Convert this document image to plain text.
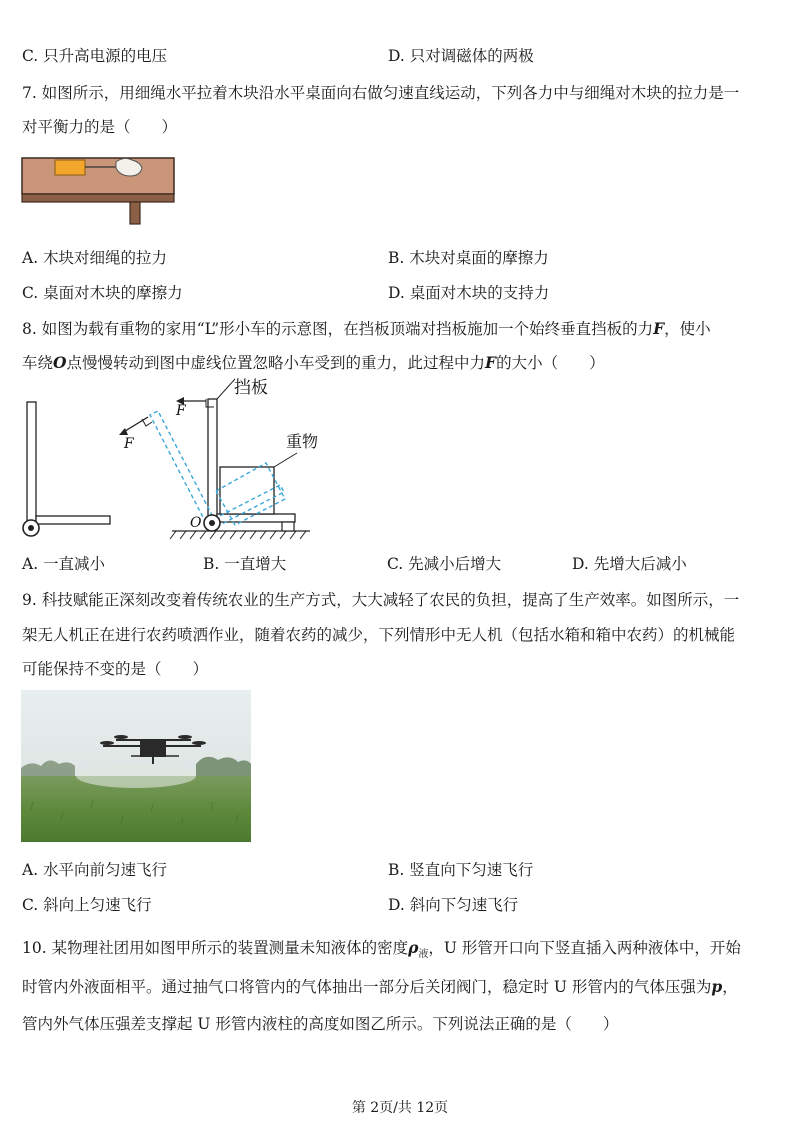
C. 只升高电源的电压	D. 只对调磁体的两极
7. 如图所示，用细绳水平拉着木块沿水平桌面向右做匀速直线运动，下列各力中与细绳对木块的拉力是一
对平衡力的是（　　）
A. 木块对细绳的拉力	B. 木块对桌面的摩擦力
C. 桌面对木块的摩擦力	D. 桌面对木块的支持力
8. 如图为载有重物的家用“L”形小车的示意图，在挡板顶端对挡板施加一个始终垂直挡板的力F，使小
车绕O点慢慢转动到图中虚线位置忽略小车受到的重力，此过程中力F的大小（　　）
挡板
重物
F
F
O
A. 一直减小	B. 一直增大	C. 先减小后增大	D. 先增大后减小
9. 科技赋能正深刻改变着传统农业的生产方式，大大减轻了农民的负担，提高了生产效率。如图所示，一
架无人机正在进行农药喷洒作业，随着农药的减少，下列情形中无人机（包括水箱和箱中农药）的机械能
可能保持不变的是（　　）
A. 水平向前匀速飞行	B. 竖直向下匀速飞行
C. 斜向上匀速飞行	D. 斜向下匀速飞行
10. 某物理社团用如图甲所示的装置测量未知液体的密度$\rho_液$，U 形管开口向下竖直插入两种液体中，开始
时管内外液面相平。通过抽气口将管内的气体抽出一部分后关闭阀门，稳定时 U 形管内的气体压强为p，
管内外气体压强差支撑起 U 形管内液柱的高度如图乙所示。下列说法正确的是（　　）
第 2页/共 12页
